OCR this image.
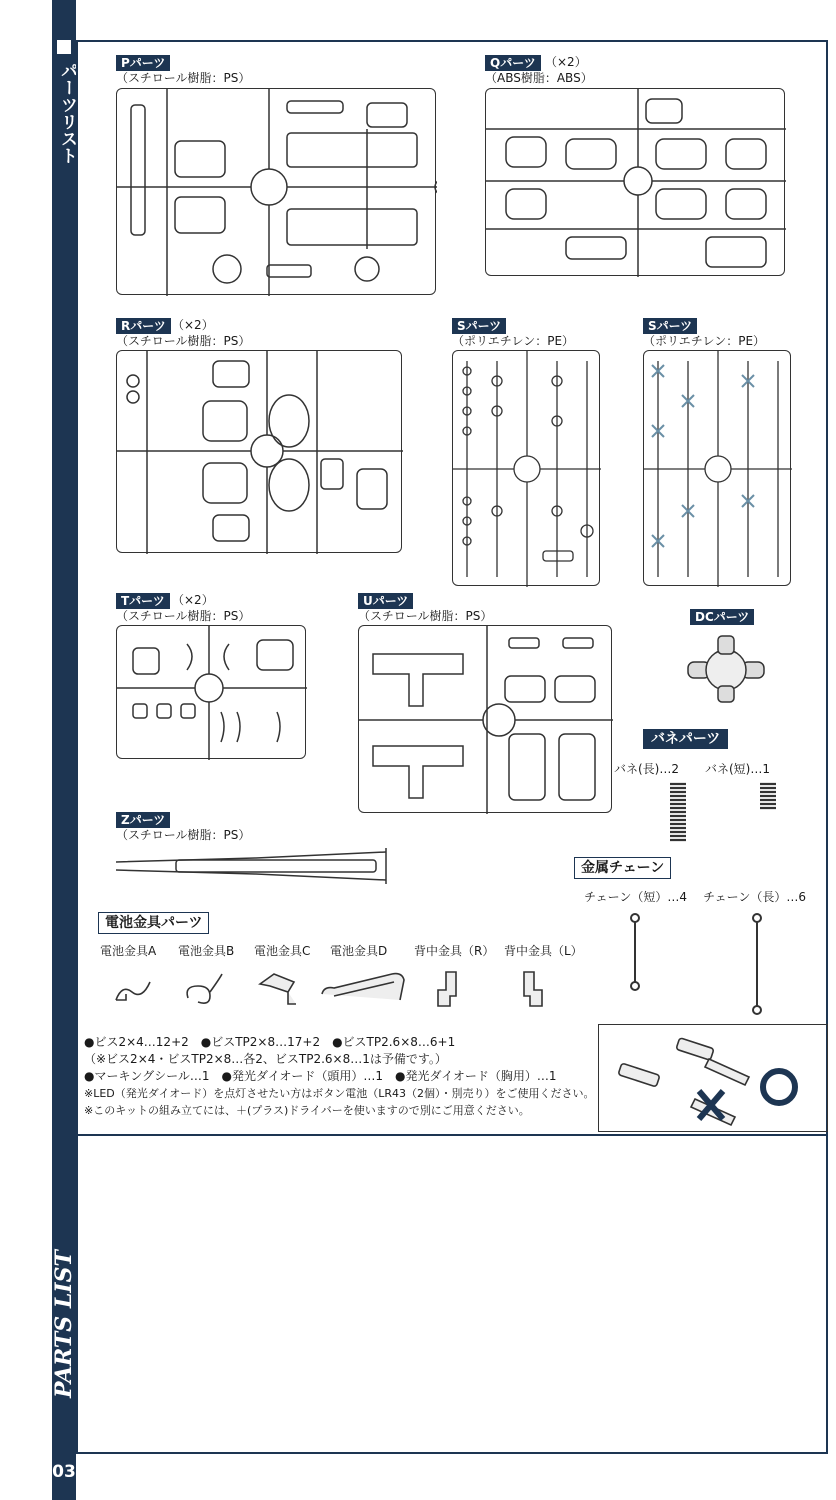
パーツリスト
PARTS LIST
03
Pパーツ
（スチロール樹脂：PS）
Qパーツ （×2）
（ABS樹脂：ABS）
Rパーツ （×2）
（スチロール樹脂：PS）
Sパーツ
（ポリエチレン：PE）
Sパーツ
（ポリエチレン：PE）
Tパーツ （×2）
（スチロール樹脂：PS）
Uパーツ
（スチロール樹脂：PS）	DCパーツ
バネパーツ
バネ(長)…2 バネ(短)…1
Zパーツ
（スチロール樹脂：PS）
金属チェーン
チェーン（短）…4 チェーン（長）…6
電池金具パーツ
電池金具A 電池金具B 電池金具C 電池金具D 背中金具（R） 背中金具（L）
●ビス2×4…12+2　●ビスTP2×8…17+2　●ビスTP2.6×8…6+1
（※ビス2×4・ビスTP2×8…各2、ビスTP2.6×8…1は予備です。）
●マーキングシール…1　●発光ダイオード（頭用）…1　●発光ダイオード（胸用）…1
※LED（発光ダイオード）を点灯させたい方はボタン電池（LR43（2個）・別売り）をご使用ください。
※このキットの組み立てには、＋(プラス)ドライバーを使いますので別にご用意ください。
